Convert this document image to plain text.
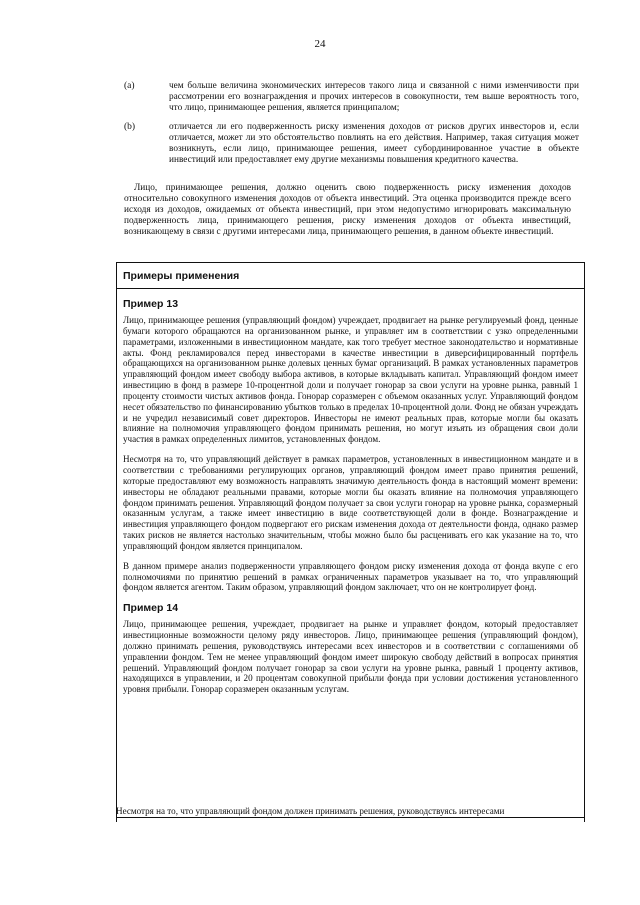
24
(a)	чем больше величина экономических интересов такого лица и связанной с ними изменчивости при рассмотрении его вознаграждения и прочих интересов в совокупности, тем выше вероятность того, что лицо, принимающее решения, является принципалом;
(b)	отличается ли его подверженность риску изменения доходов от рисков других инвесторов и, если отличается, может ли это обстоятельство повлиять на его действия. Например, такая ситуация может возникнуть, если лицо, принимающее решения, имеет субординированное участие в объекте инвестиций или предоставляет ему другие механизмы повышения кредитного качества.
Лицо, принимающее решения, должно оценить свою подверженность риску изменения доходов относительно совокупного изменения доходов от объекта инвестиций. Эта оценка производится прежде всего исходя из доходов, ожидаемых от объекта инвестиций, при этом недопустимо игнорировать максимальную подверженность лица, принимающего решения, риску изменения доходов от объекта инвестиций, возникающему в связи с другими интересами лица, принимающего решения, в данном объекте инвестиций.
Примеры применения
Пример 13

Лицо, принимающее решения (управляющий фондом) учреждает, продвигает на рынке регулируемый фонд, ценные бумаги которого обращаются на организованном рынке, и управляет им в соответствии с узко определенными параметрами, изложенными в инвестиционном мандате, как того требует местное законодательство и нормативные акты. Фонд рекламировался перед инвесторами в качестве инвестиции в диверсифицированный портфель обращающихся на организованном рынке долевых ценных бумаг организаций. В рамках установленных параметров управляющий фондом имеет свободу выбора активов, в которые вкладывать капитал. Управляющий фондом имеет инвестицию в фонд в размере 10-процентной доли и получает гонорар за свои услуги на уровне рынка, равный 1 проценту стоимости чистых активов фонда. Гонорар соразмерен с объемом оказанных услуг. Управляющий фондом несет обязательство по финансированию убытков только в пределах 10-процентной доли. Фонд не обязан учреждать и не учредил независимый совет директоров. Инвесторы не имеют реальных прав, которые могли бы оказать влияние на полномочия управляющего фондом принимать решения, но могут изъять из обращения свои доли участия в рамках определенных лимитов, установленных фондом.

Несмотря на то, что управляющий действует в рамках параметров, установленных в инвестиционном мандате и в соответствии с требованиями регулирующих органов, управляющий фондом имеет право принятия решений, которые предоставляют ему возможность направлять значимую деятельность фонда в настоящий момент времени: инвесторы не обладают реальными правами, которые могли бы оказать влияние на полномочия управляющего фондом принимать решения. Управляющий фондом получает за свои услуги гонорар на уровне рынка, соразмерный оказанным услугам, а также имеет инвестицию в виде соответствующей доли в фонде. Вознаграждение и инвестиция управляющего фондом подвергают его рискам изменения дохода от деятельности фонда, однако размер таких рисков не является настолько значительным, чтобы можно было бы расценивать его как указание на то, что управляющий фондом является принципалом.

В данном примере анализ подверженности управляющего фондом риску изменения дохода от фонда вкупе с его полномочиями по принятию решений в рамках ограниченных параметров указывает на то, что управляющий фондом является агентом. Таким образом, управляющий фондом заключает, что он не контролирует фонд.

Пример 14

Лицо, принимающее решения, учреждает, продвигает на рынке и управляет фондом, который предоставляет инвестиционные возможности целому ряду инвесторов. Лицо, принимающее решения (управляющий фондом), должно принимать решения, руководствуясь интересами всех инвесторов и в соответствии с соглашениями об управлении фондом. Тем не менее управляющий фондом имеет широкую свободу действий в вопросах принятия решений. Управляющий фондом получает гонорар за свои услуги на уровне рынка, равный 1 проценту активов, находящихся в управлении, и 20 процентам совокупной прибыли фонда при условии достижения установленного уровня прибыли. Гонорар соразмерен оказанным услугам.

Несмотря на то, что управляющий фондом должен принимать решения, руководствуясь интересами
